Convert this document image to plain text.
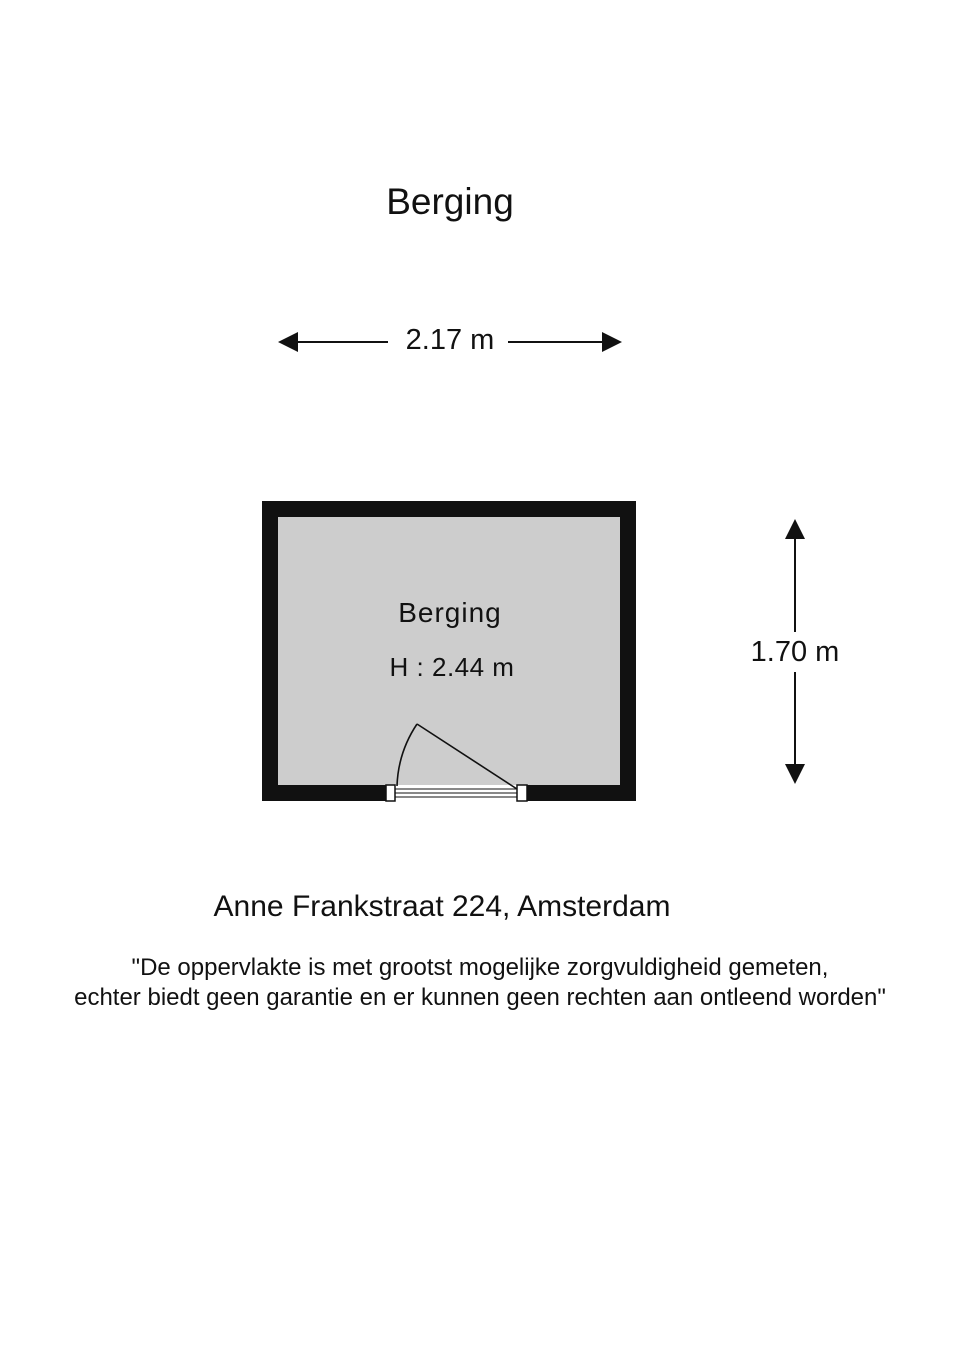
Berging
2.17 m
1.70 m
Berging
H : 2.44 m
Anne Frankstraat 224, Amsterdam
"De oppervlakte is met grootst mogelijke zorgvuldigheid gemeten,
echter biedt geen garantie en er kunnen geen rechten aan ontleend worden"
